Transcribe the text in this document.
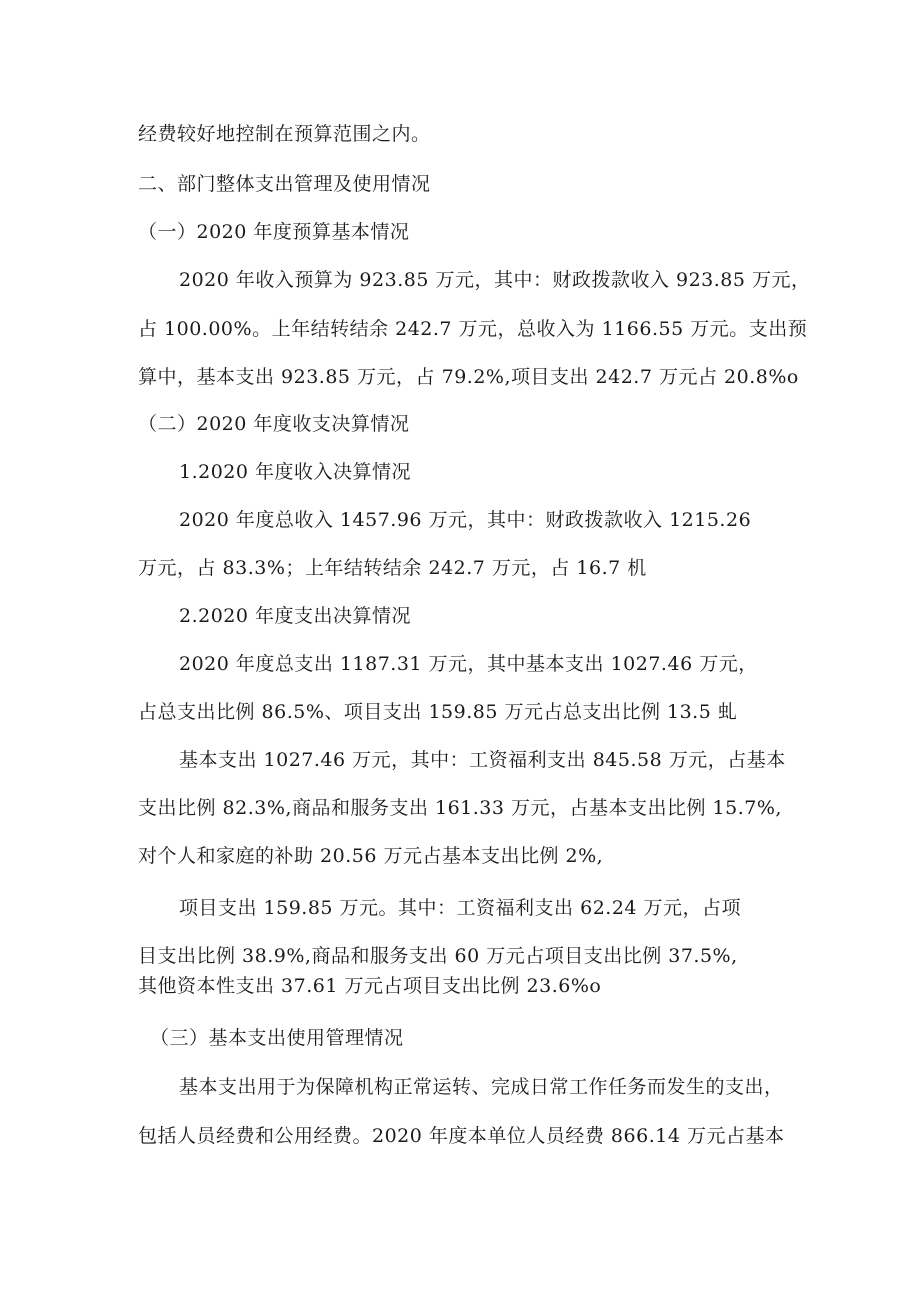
经费较好地控制在预算范围之内。
二、部门整体支出管理及使用情况
（一）2020 年度预算基本情况
2020 年收入预算为 923.85 万元，其中：财政拨款收入 923.85 万元，
占 100.00%。上年结转结余 242.7 万元，总收入为 1166.55 万元。支出预
算中，基本支出 923.85 万元，占 79.2%,项目支出 242.7 万元占 20.8%o
（二）2020 年度收支决算情况
1.2020 年度收入决算情况
2020 年度总收入 1457.96 万元，其中：财政拨款收入 1215.26
万元，占 83.3%；上年结转结余 242.7 万元，占 16.7 机
2.2020 年度支出决算情况
2020 年度总支出 1187.31 万元，其中基本支出 1027.46 万元，
占总支出比例 86.5%、项目支出 159.85 万元占总支出比例 13.5 虬
基本支出 1027.46 万元，其中：工资福利支出 845.58 万元，占基本
支出比例 82.3%,商品和服务支出 161.33 万元，占基本支出比例 15.7%,
对个人和家庭的补助 20.56 万元占基本支出比例 2%,
项目支出 159.85 万元。其中：工资福利支出 62.24 万元，占项
目支出比例 38.9%,商品和服务支出 60 万元占项目支出比例 37.5%,
其他资本性支出 37.61 万元占项目支出比例 23.6%o
（三）基本支出使用管理情况
基本支出用于为保障机构正常运转、完成日常工作任务而发生的支出，
包括人员经费和公用经费。2020 年度本单位人员经费 866.14 万元占基本
